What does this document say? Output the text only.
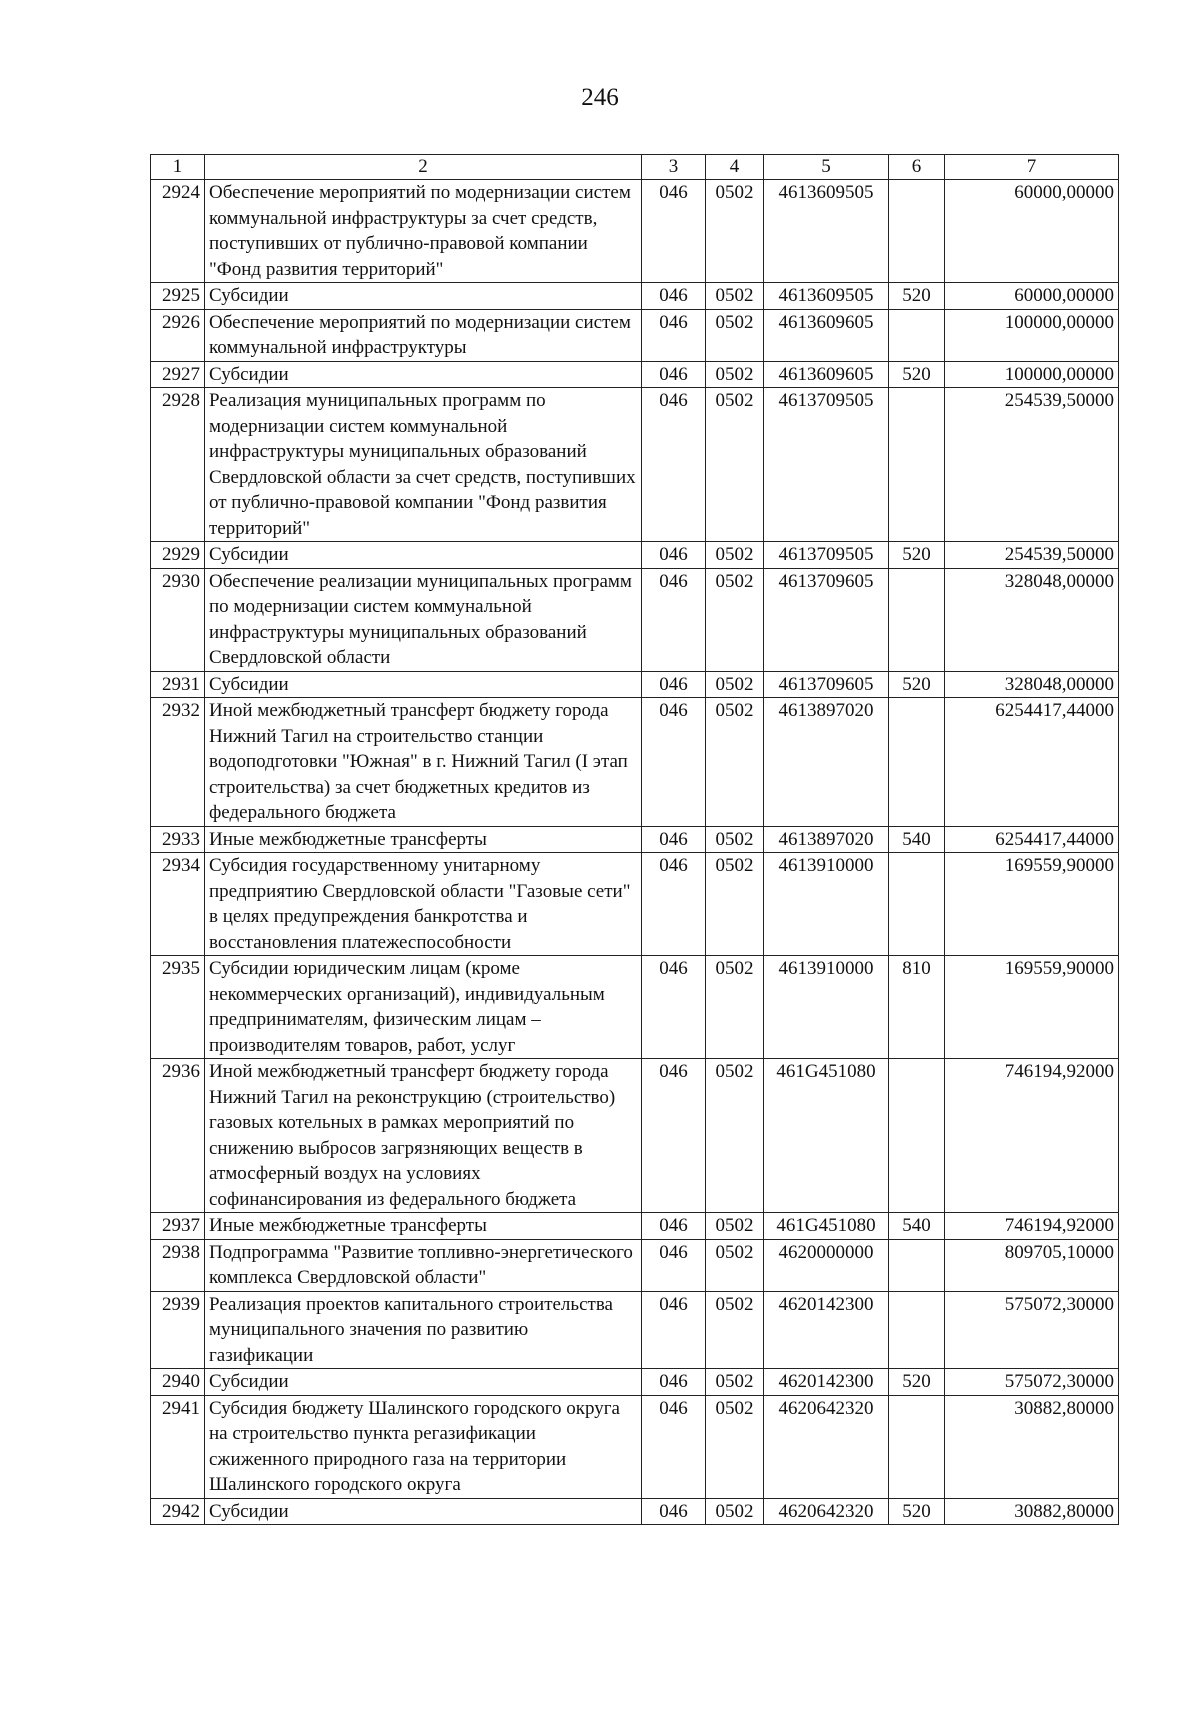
246
1	2	3	4	5	6	7
2924	Обеспечение мероприятий по модернизации систем коммунальной инфраструктуры за счет средств, поступивших от публично-правовой компании "Фонд развития территорий"	046	0502	4613609505		60000,00000
2925	Субсидии	046	0502	4613609505	520	60000,00000
2926	Обеспечение мероприятий по модернизации систем коммунальной инфраструктуры	046	0502	4613609605		100000,00000
2927	Субсидии	046	0502	4613609605	520	100000,00000
2928	Реализация муниципальных программ по модернизации систем коммунальной инфраструктуры муниципальных образований Свердловской области за счет средств, поступивших от публично-правовой компании "Фонд развития территорий"	046	0502	4613709505		254539,50000
2929	Субсидии	046	0502	4613709505	520	254539,50000
2930	Обеспечение реализации муниципальных программ по модернизации систем коммунальной инфраструктуры муниципальных образований Свердловской области	046	0502	4613709605		328048,00000
2931	Субсидии	046	0502	4613709605	520	328048,00000
2932	Иной межбюджетный трансферт бюджету города Нижний Тагил на строительство станции водоподготовки "Южная" в г. Нижний Тагил (I этап строительства) за счет бюджетных кредитов из федерального бюджета	046	0502	4613897020		6254417,44000
2933	Иные межбюджетные трансферты	046	0502	4613897020	540	6254417,44000
2934	Субсидия государственному унитарному предприятию Свердловской области "Газовые сети" в целях предупреждения банкротства и восстановления платежеспособности	046	0502	4613910000		169559,90000
2935	Субсидии юридическим лицам (кроме некоммерческих организаций), индивидуальным предпринимателям, физическим лицам – производителям товаров, работ, услуг	046	0502	4613910000	810	169559,90000
2936	Иной межбюджетный трансферт бюджету города Нижний Тагил на реконструкцию (строительство) газовых котельных в рамках мероприятий по снижению выбросов загрязняющих веществ в атмосферный воздух на условиях софинансирования из федерального бюджета	046	0502	461G451080		746194,92000
2937	Иные межбюджетные трансферты	046	0502	461G451080	540	746194,92000
2938	Подпрограмма "Развитие топливно-энергетического комплекса Свердловской области"	046	0502	4620000000		809705,10000
2939	Реализация проектов капитального строительства муниципального значения по развитию газификации	046	0502	4620142300		575072,30000
2940	Субсидии	046	0502	4620142300	520	575072,30000
2941	Субсидия бюджету Шалинского городского округа на строительство пункта регазификации сжиженного природного газа на территории Шалинского городского округа	046	0502	4620642320		30882,80000
2942	Субсидии	046	0502	4620642320	520	30882,80000
